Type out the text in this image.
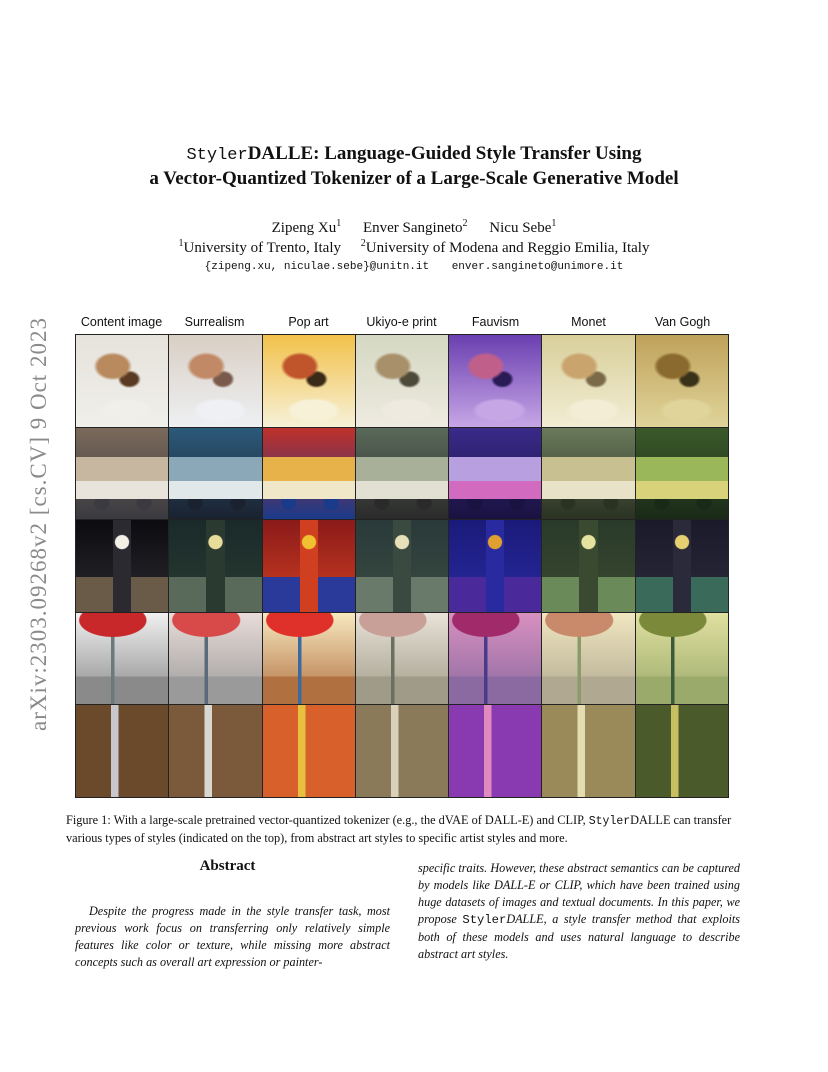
arXiv:2303.09268v2 [cs.CV] 9 Oct 2023
StylerDALLE: Language-Guided Style Transfer Using
a Vector-Quantized Tokenizer of a Large-Scale Generative Model
Zipeng Xu$^1$ Enver Sangineto$^2$ Nicu Sebe$^1$
$^1$University of Trento, Italy $^2$University of Modena and Reggio Emilia, Italy
{zipeng.xu, niculae.sebe}@unitn.it enver.sangineto@unimore.it
Content image	Surrealism	Pop art	Ukiyo-e print	Fauvism	Monet	Van Gogh
Figure 1: With a large-scale pretrained vector-quantized tokenizer (e.g., the dVAE of DALL-E) and CLIP, StylerDALLE can transfer various types of styles (indicated on the top), from abstract art styles to specific artist styles and more.
Abstract

Despite the progress made in the style transfer task, most previous work focus on transferring only relatively simple features like color or texture, while missing more abstract concepts such as overall art expression or painter-

specific traits. However, these abstract semantics can be captured by models like DALL-E or CLIP, which have been trained using huge datasets of images and textual documents. In this paper, we propose StylerDALLE, a style transfer method that exploits both of these models and uses natural language to describe abstract art styles.
